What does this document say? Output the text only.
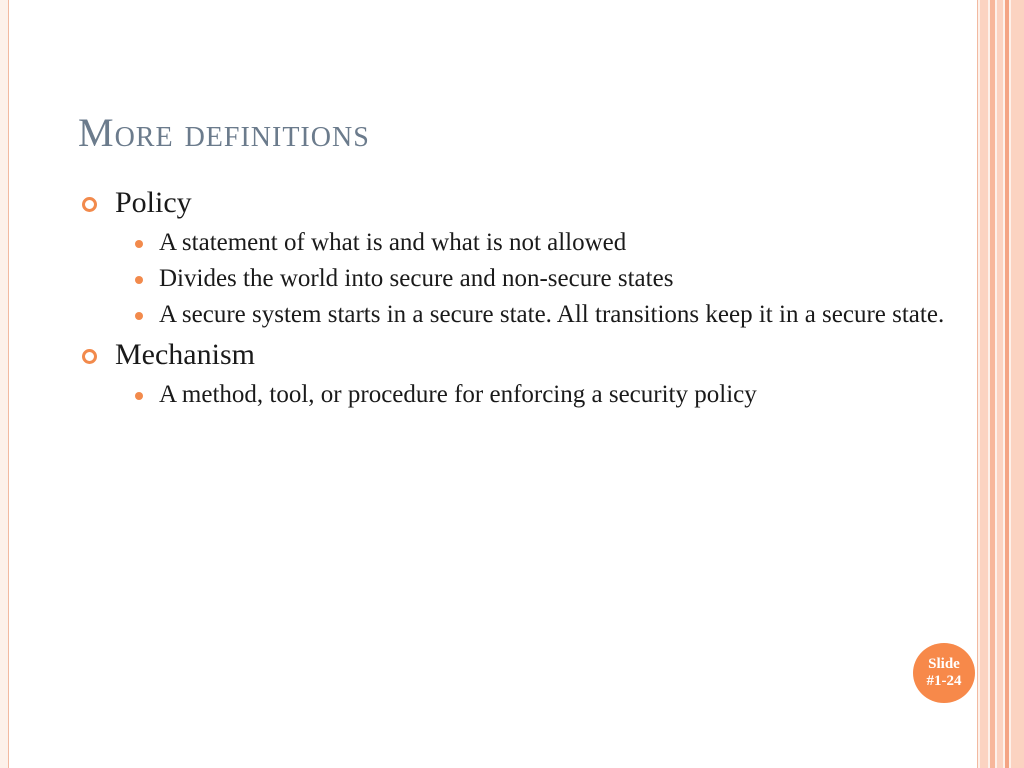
More definitions
Policy
A statement of what is and what is not allowed
Divides the world into secure and non-secure states
A secure system starts in a secure state. All transitions keep it in a secure state.
Mechanism
A method, tool, or procedure for enforcing a security policy
Slide
#1-24
